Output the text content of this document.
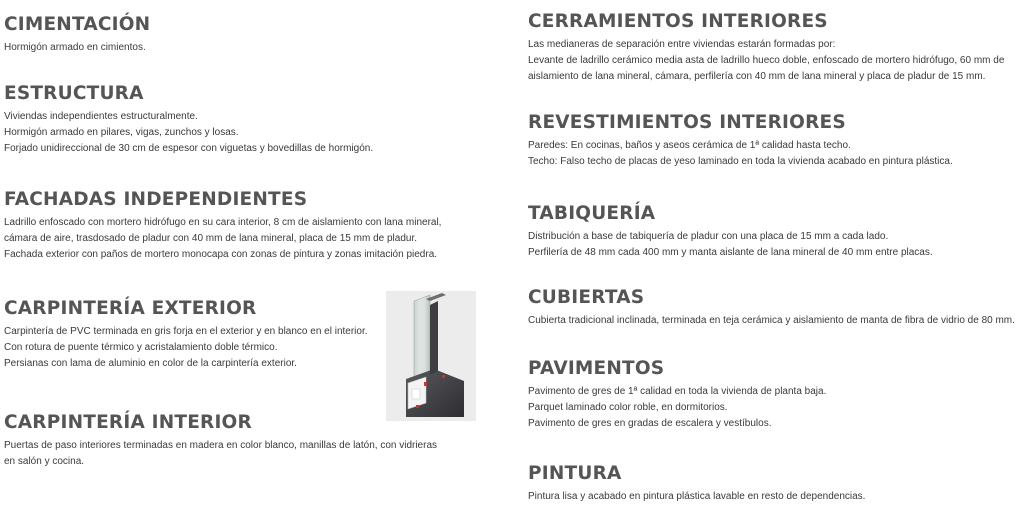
CIMENTACIÓN
Hormigón armado en cimientos.
ESTRUCTURA
Viviendas independientes estructuralmente.
Hormigón armado en pilares, vigas, zunchos y losas.
Forjado unidireccional de 30 cm de espesor con viguetas y bovedillas de hormigón.
FACHADAS INDEPENDIENTES
Ladrillo enfoscado con mortero hidrófugo en su cara interior, 8 cm de aislamiento con lana mineral,
cámara de aire, trasdosado de pladur con 40 mm de lana mineral, placa de 15 mm de pladur.
Fachada exterior con paños de mortero monocapa con zonas de pintura y zonas imitación piedra.
CARPINTERÍA EXTERIOR
Carpintería de PVC terminada en gris forja en el exterior y en blanco en el interior.
Con rotura de puente térmico y acristalamiento doble térmico.
Persianas con lama de aluminio en color de la carpintería exterior.
CARPINTERÍA INTERIOR
Puertas de paso interiores terminadas en madera en color blanco, manillas de latón, con vidrieras
en salón y cocina.
CERRAMIENTOS INTERIORES
Las medianeras de separación entre viviendas estarán formadas por:
Levante de ladrillo cerámico media asta de ladrillo hueco doble, enfoscado de mortero hidrófugo, 60 mm de
aislamiento de lana mineral, cámara, perfilería con 40 mm de lana mineral y placa de pladur de 15 mm.
REVESTIMIENTOS INTERIORES
Paredes: En cocinas, baños y aseos cerámica de 1ª calidad hasta techo.
Techo: Falso techo de placas de yeso laminado en toda la vivienda acabado en pintura plástica.
TABIQUERÍA
Distribución a base de tabiquería de pladur con una placa de 15 mm a cada lado.
Perfilería de 48 mm cada 400 mm y manta aislante de lana mineral de 40 mm entre placas.
CUBIERTAS
Cubierta tradicional inclinada, terminada en teja cerámica y aislamiento de manta de fibra de vidrio de 80 mm.
PAVIMENTOS
Pavimento de gres de 1ª calidad en toda la vivienda de planta baja.
Parquet laminado color roble, en dormitorios.
Pavimento de gres en gradas de escalera y vestíbulos.
PINTURA
Pintura lisa y acabado en pintura plástica lavable en resto de dependencias.
